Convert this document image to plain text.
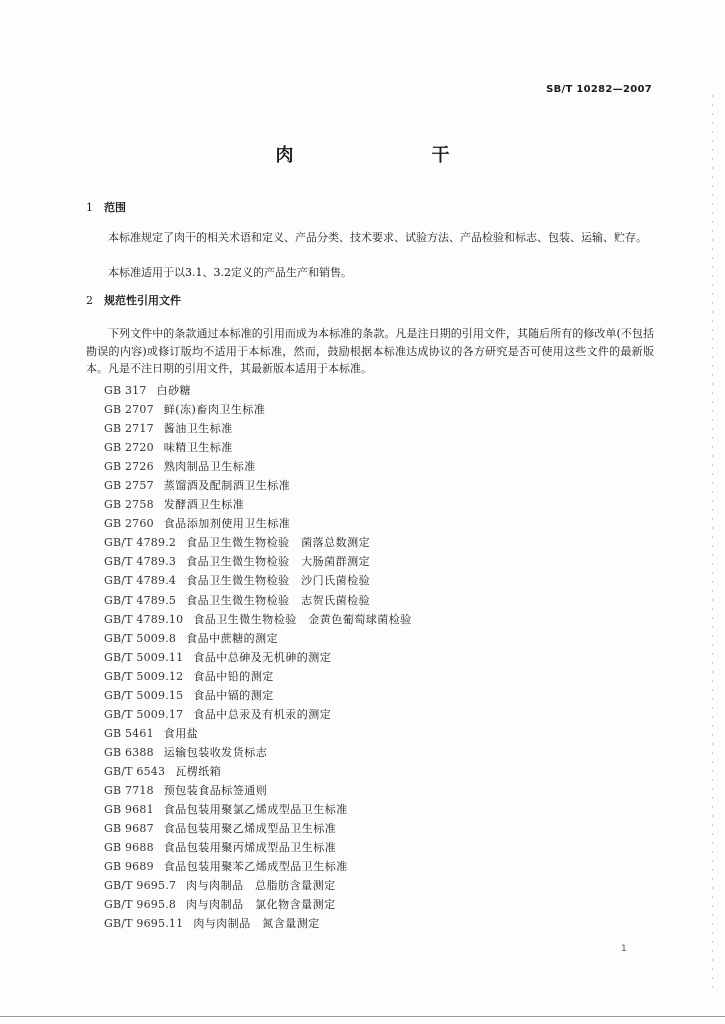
SB/T 10282—2007
肉　干
1 范围
本标准规定了肉干的相关术语和定义、产品分类、技术要求、试验方法、产品检验和标志、包装、运输、贮存。
本标准适用于以3.1、3.2定义的产品生产和销售。
2 规范性引用文件
下列文件中的条款通过本标准的引用而成为本标准的条款。凡是注日期的引用文件，其随后所有的修改单(不包括勘误的内容)或修订版均不适用于本标准，然而，鼓励根据本标准达成协议的各方研究是否可使用这些文件的最新版本。凡是不注日期的引用文件，其最新版本适用于本标准。
GB 317 白砂糖
GB 2707 鲜(冻)畜肉卫生标准
GB 2717 酱油卫生标准
GB 2720 味精卫生标准
GB 2726 熟肉制品卫生标准
GB 2757 蒸馏酒及配制酒卫生标准
GB 2758 发酵酒卫生标准
GB 2760 食品添加剂使用卫生标准
GB/T 4789.2 食品卫生微生物检验　菌落总数测定
GB/T 4789.3 食品卫生微生物检验　大肠菌群测定
GB/T 4789.4 食品卫生微生物检验　沙门氏菌检验
GB/T 4789.5 食品卫生微生物检验　志贺氏菌检验
GB/T 4789.10 食品卫生微生物检验　金黄色葡萄球菌检验
GB/T 5009.8 食品中蔗糖的测定
GB/T 5009.11 食品中总砷及无机砷的测定
GB/T 5009.12 食品中铅的测定
GB/T 5009.15 食品中镉的测定
GB/T 5009.17 食品中总汞及有机汞的测定
GB 5461 食用盐
GB 6388 运输包装收发货标志
GB/T 6543 瓦楞纸箱
GB 7718 预包装食品标签通则
GB 9681 食品包装用聚氯乙烯成型品卫生标准
GB 9687 食品包装用聚乙烯成型品卫生标准
GB 9688 食品包装用聚丙烯成型品卫生标准
GB 9689 食品包装用聚苯乙烯成型品卫生标准
GB/T 9695.7 肉与肉制品　总脂肪含量测定
GB/T 9695.8 肉与肉制品　氯化物含量测定
GB/T 9695.11 肉与肉制品　氮含量测定
1
